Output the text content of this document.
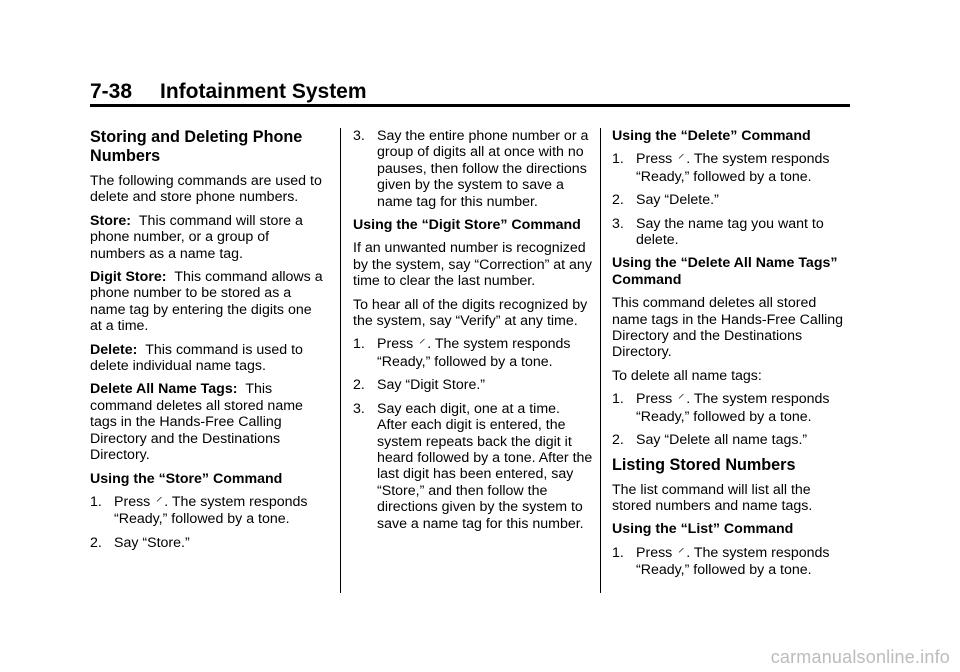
7-38 Infotainment System
Storing and Deleting Phone Numbers

The following commands are used to delete and store phone numbers.

Store: This command will store a phone number, or a group of numbers as a name tag.

Digit Store: This command allows a phone number to be stored as a name tag by entering the digits one at a time.

Delete: This command is used to delete individual name tags.

Delete All Name Tags: This command deletes all stored name tags in the Hands-Free Calling Directory and the Destinations Directory.

Using the “Store” Command

1. Press ⸍ . The system responds “Ready,” followed by a tone.
2. Say “Store.”
3. Say the entire phone number or a group of digits all at once with no pauses, then follow the directions given by the system to save a name tag for this number.

Using the “Digit Store” Command

If an unwanted number is recognized by the system, say “Correction” at any time to clear the last number.

To hear all of the digits recognized by the system, say “Verify” at any time.

1. Press ⸍ . The system responds “Ready,” followed by a tone.
2. Say “Digit Store.”
3. Say each digit, one at a time. After each digit is entered, the system repeats back the digit it heard followed by a tone. After the last digit has been entered, say “Store,” and then follow the directions given by the system to save a name tag for this number.

Using the “Delete” Command

1. Press ⸍ . The system responds “Ready,” followed by a tone.
2. Say “Delete.”
3. Say the name tag you want to delete.

Using the “Delete All Name Tags” Command

This command deletes all stored name tags in the Hands-Free Calling Directory and the Destinations Directory.

To delete all name tags:

1. Press ⸍ . The system responds “Ready,” followed by a tone.
2. Say “Delete all name tags.”
Listing Stored Numbers

The list command will list all the stored numbers and name tags.

Using the “List” Command

1. Press ⸍ . The system responds “Ready,” followed by a tone.
carmanualsonline.info
